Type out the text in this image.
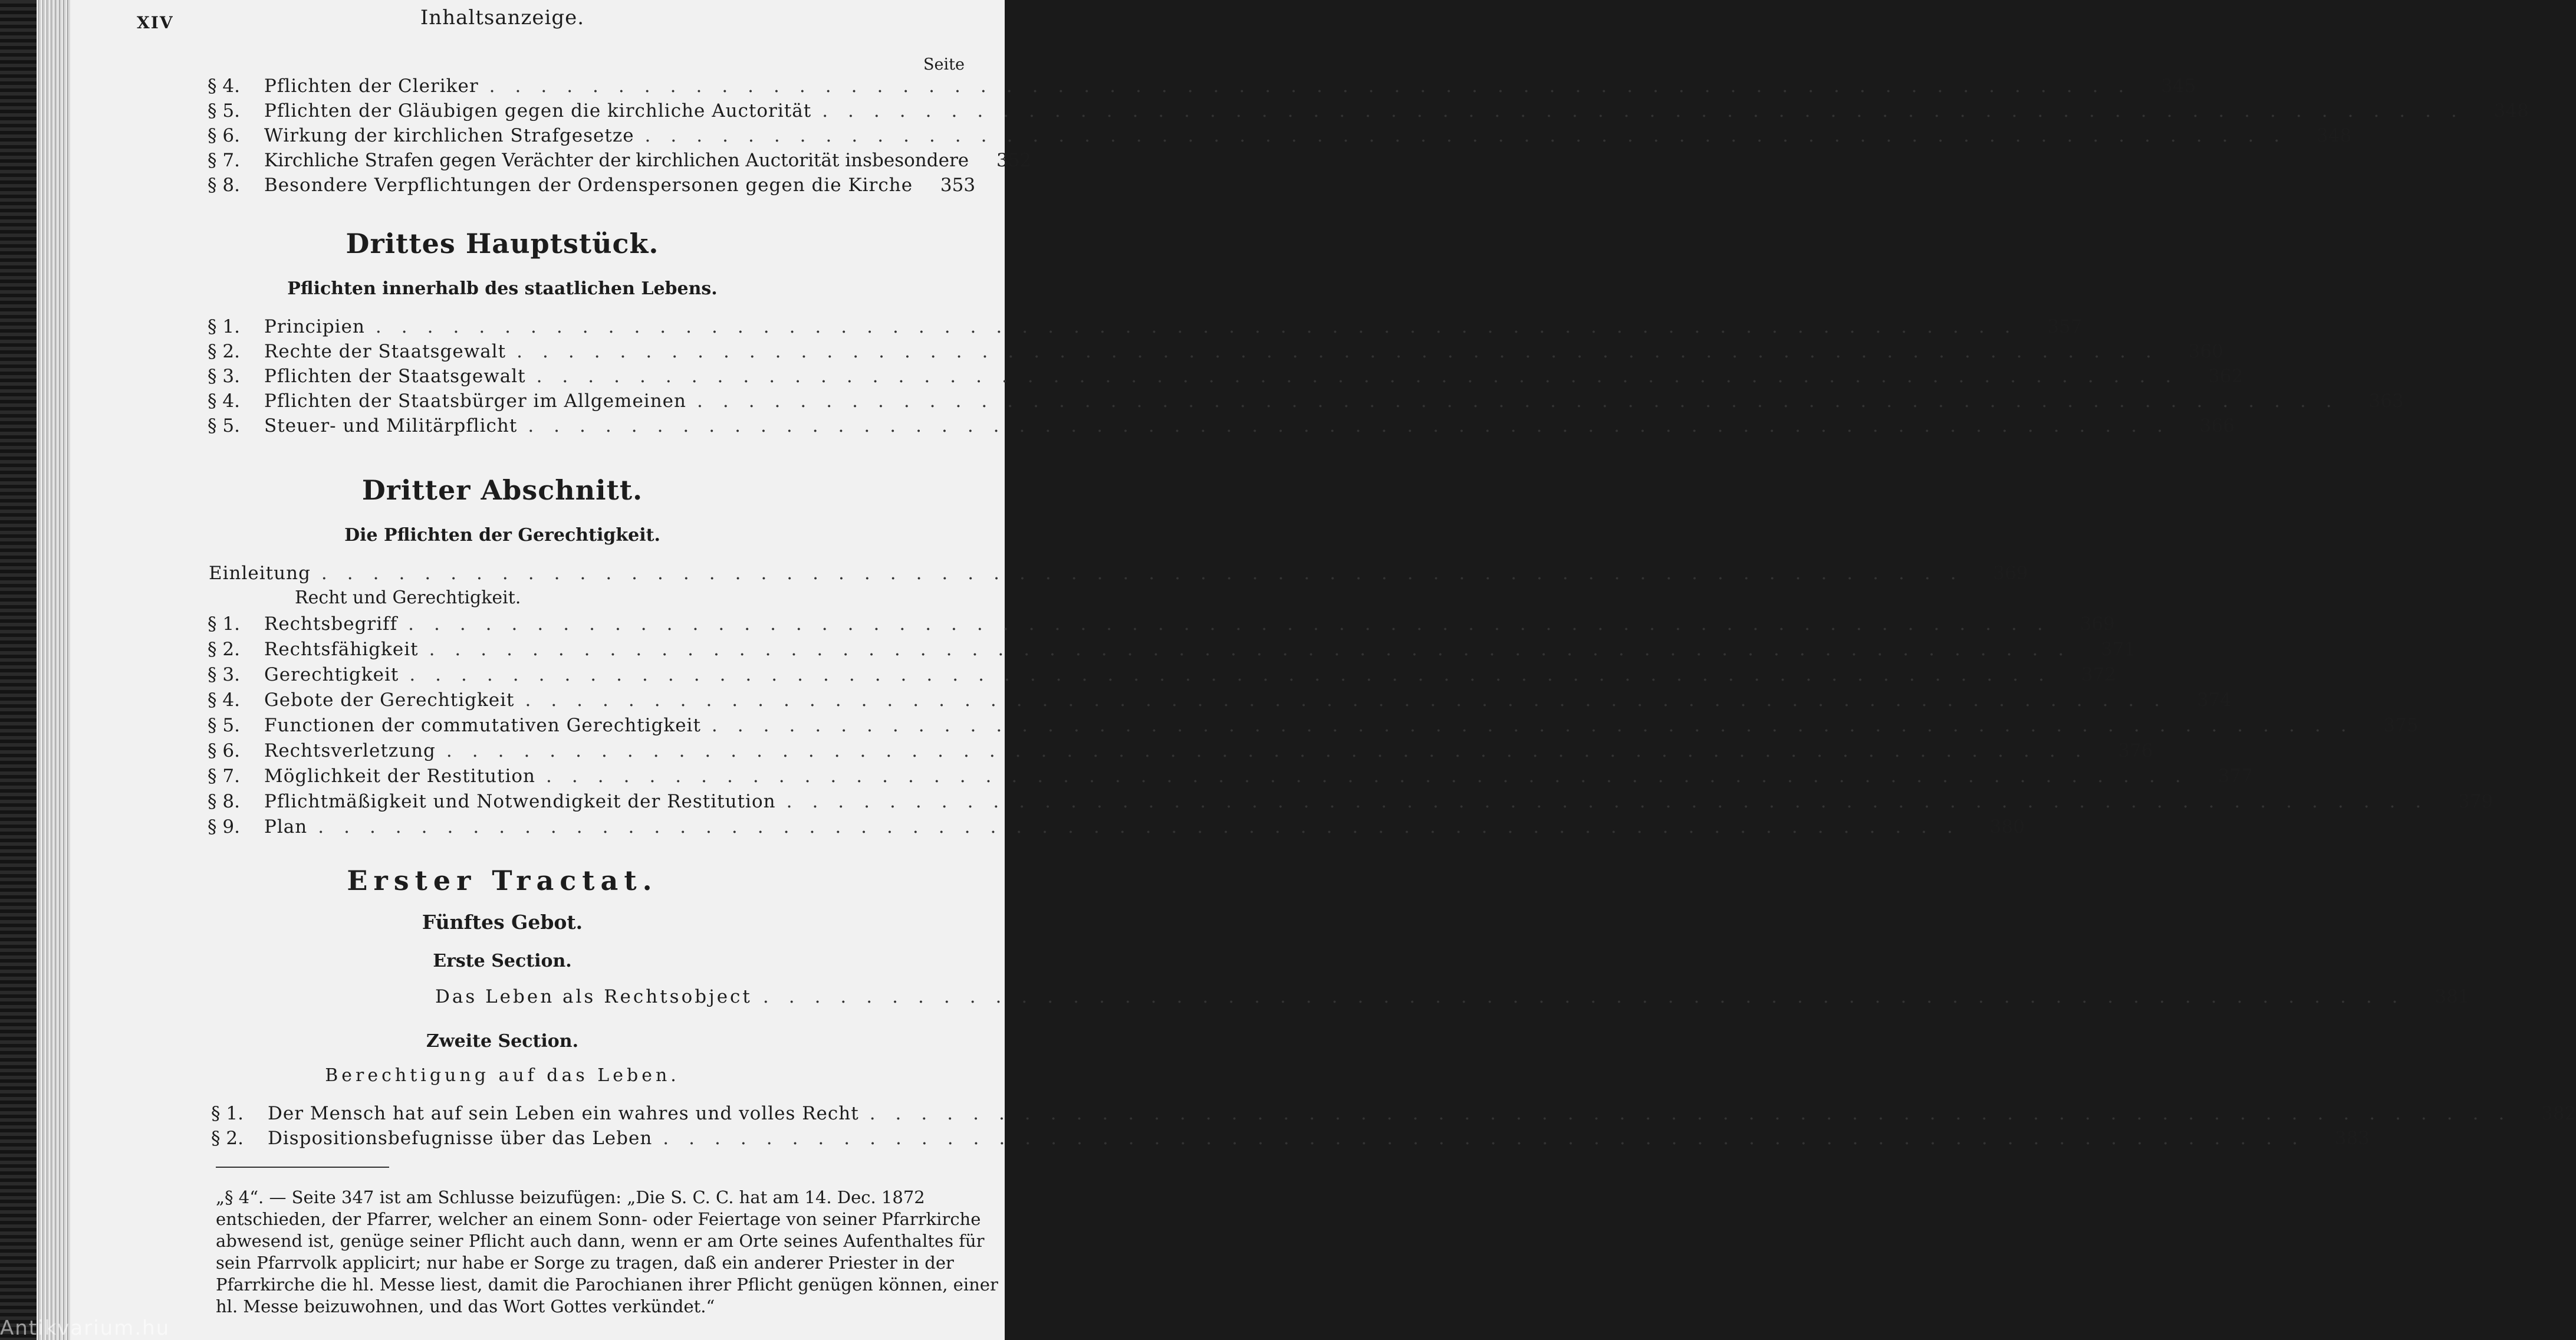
XIV	Inhaltsanzeige.
Seite
§ 4.	Pflichten der Cleriker ................................................................ 345
§ 5.	Pflichten der Gläubigen gegen die kirchliche Auctorität ................................................................ 348
§ 6.	Wirkung der kirchlichen Strafgesetze ................................................................ 348
§ 7.	Kirchliche Strafen gegen Verächter der kirchlichen Auctorität insbesondere	352
§ 8.	Besondere Verpflichtungen der Ordenspersonen gegen die Kirche	353
Drittes Hauptstück.
Pflichten innerhalb des staatlichen Lebens.
§ 1.	Principien ................................................................ 357
§ 2.	Rechte der Staatsgewalt ................................................................ 360
§ 3.	Pflichten der Staatsgewalt ................................................................ 362
§ 4.	Pflichten der Staatsbürger im Allgemeinen ................................................................ 363
§ 5.	Steuer- und Militärpflicht ................................................................ 366
Dritter Abschnitt.
Die Pflichten der Gerechtigkeit.
Einleitung ................................................................ 369
Recht und Gerechtigkeit.
§ 1.	Rechtsbegriff ................................................................ 369
§ 2.	Rechtsfähigkeit ................................................................ 371
§ 3.	Gerechtigkeit ................................................................ 372
§ 4.	Gebote der Gerechtigkeit ................................................................ 374
§ 5.	Functionen der commutativen Gerechtigkeit ................................................................ 375
§ 6.	Rechtsverletzung ................................................................ 376
§ 7.	Möglichkeit der Restitution ................................................................ 377
§ 8.	Pflichtmäßigkeit und Notwendigkeit der Restitution ................................................................ 379
§ 9.	Plan ................................................................ 380
Erster Tractat.
Fünftes Gebot.
Erste Section.
Das Leben als Rechtsobject ................................................................ 381
Zweite Section.
Berechtigung auf das Leben.
§ 1.	Der Mensch hat auf sein Leben ein wahres und volles Recht ................................................................ 382
§ 2.	Dispositionsbefugnisse über das Leben ................................................................ 383
„§ 4“. — Seite 347 ist am Schlusse beizufügen: „Die S. C. C. hat am 14. Dec. 1872
entschieden, der Pfarrer, welcher an einem Sonn- oder Feiertage von seiner Pfarrkirche
abwesend ist, genüge seiner Pflicht auch dann, wenn er am Orte seines Aufenthaltes für
sein Pfarrvolk applicirt; nur habe er Sorge zu tragen, daß ein anderer Priester in der
Pfarrkirche die hl. Messe liest, damit die Parochianen ihrer Pflicht genügen können, einer
hl. Messe beizuwohnen, und das Wort Gottes verkündet.“
Antikvarium.hu
